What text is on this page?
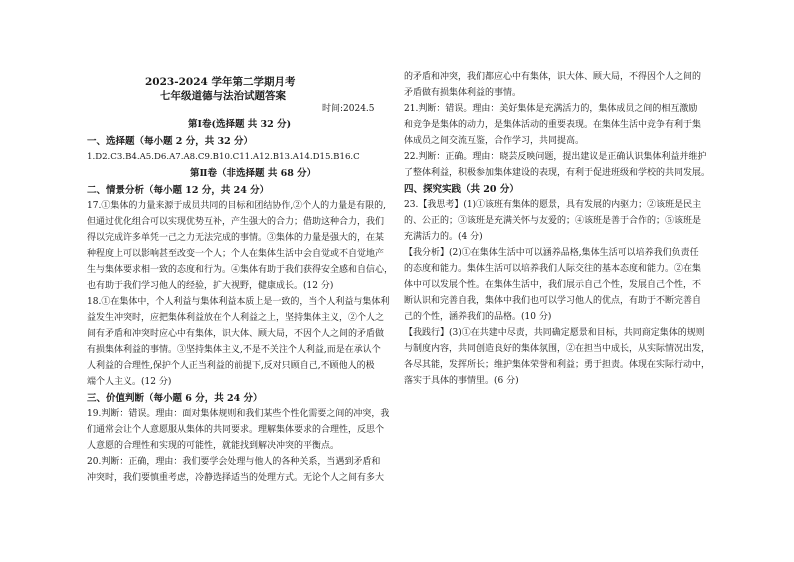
2023-2024 学年第二学期月考
七年级道德与法治试题答案
时间:2024.5
第Ⅰ卷(选择题 共 32 分)
一、选择题（每小题 2 分，共 32 分）
1.D2.C3.B4.A5.D6.A7.A8.C9.B10.C11.A12.B13.A14.D15.B16.C
第Ⅱ卷（非选择题 共 68 分）
二、情景分析（每小题 12 分，共 24 分）
17.①集体的力量来源于成员共同的目标和团结协作,②个人的力量是有限的,
但通过优化组合可以实现优势互补，产生强大的合力；借助这种合力，我们
得以完成许多单凭一己之力无法完成的事情。③集体的力量是强大的，在某
种程度上可以影响甚至改变一个人；个人在集体生活中会自觉或不自觉地产
生与集体要求相一致的态度和行为。④集体有助于我们获得安全感和自信心，
也有助于我们学习他人的经验，扩大视野，健康成长。(12 分)
18.①在集体中，个人利益与集体利益本质上是一致的，当个人利益与集体利
益发生冲突时，应把集体利益放在个人利益之上，坚持集体主义，②个人之
间有矛盾和冲突时应心中有集体，识大体、顾大局，不因个人之间的矛盾做
有损集体利益的事情。③坚持集体主义,不是不关注个人利益,而是在承认个
人利益的合理性,保护个人正当利益的前提下,反对只顾自己,不顾他人的极
端个人主义。(12 分)
三、价值判断（每小题 6 分，共 24 分）
19.判断：错误。理由：面对集体规则和我们某些个性化需要之间的冲突，我
们通常会让个人意愿服从集体的共同要求。理解集体要求的合理性，反思个
人意愿的合理性和实现的可能性，就能找到解决冲突的平衡点。
20.判断：正确，理由：我们要学会处理与他人的各种关系，当遇到矛盾和
冲突时，我们要慎重考虑，冷静选择适当的处理方式。无论个人之间有多大
的矛盾和冲突，我们都应心中有集体，识大体、顾大局，不得因个人之间的
矛盾做有损集体利益的事情。
21.判断：错误。理由：美好集体是充满活力的，集体成员之间的相互激励
和竞争是集体的动力，是集体活动的重要表现。在集体生活中竞争有利于集
体成员之间交流互鉴，合作学习，共同提高。
22.判断：正确。理由：晓芸反映问题，提出建议是正确认识集体利益并维护
了整体利益，积极参加集体建设的表现，有利于促进班级和学校的共同发展。
四、探究实践（共 20 分）
23.【我思考】(1)①该班有集体的愿景，具有发展的内驱力；②该班是民主
的、公正的；③该班是充满关怀与友爱的；④该班是善于合作的；⑤该班是
充满活力的。(4 分)
【我分析】(2)①在集体生活中可以涵养品格,集体生活可以培养我们负责任
的态度和能力。集体生活可以培养我们人际交往的基本态度和能力。②在集
体中可以发展个性。在集体生活中，我们展示自己个性，发展自己个性，不
断认识和完善自我，集体中我们也可以学习他人的优点，有助于不断完善自
己的个性，涵养我们的品格。(10 分)
【我践行】(3)①在共建中尽责，共同确定愿景和目标，共同商定集体的规则
与制度内容，共同创造良好的集体氛围，②在担当中成长，从实际情况出发，
各尽其能，发挥所长；维护集体荣誉和利益；勇于担责。体现在实际行动中，
落实于具体的事情里。(6 分)
